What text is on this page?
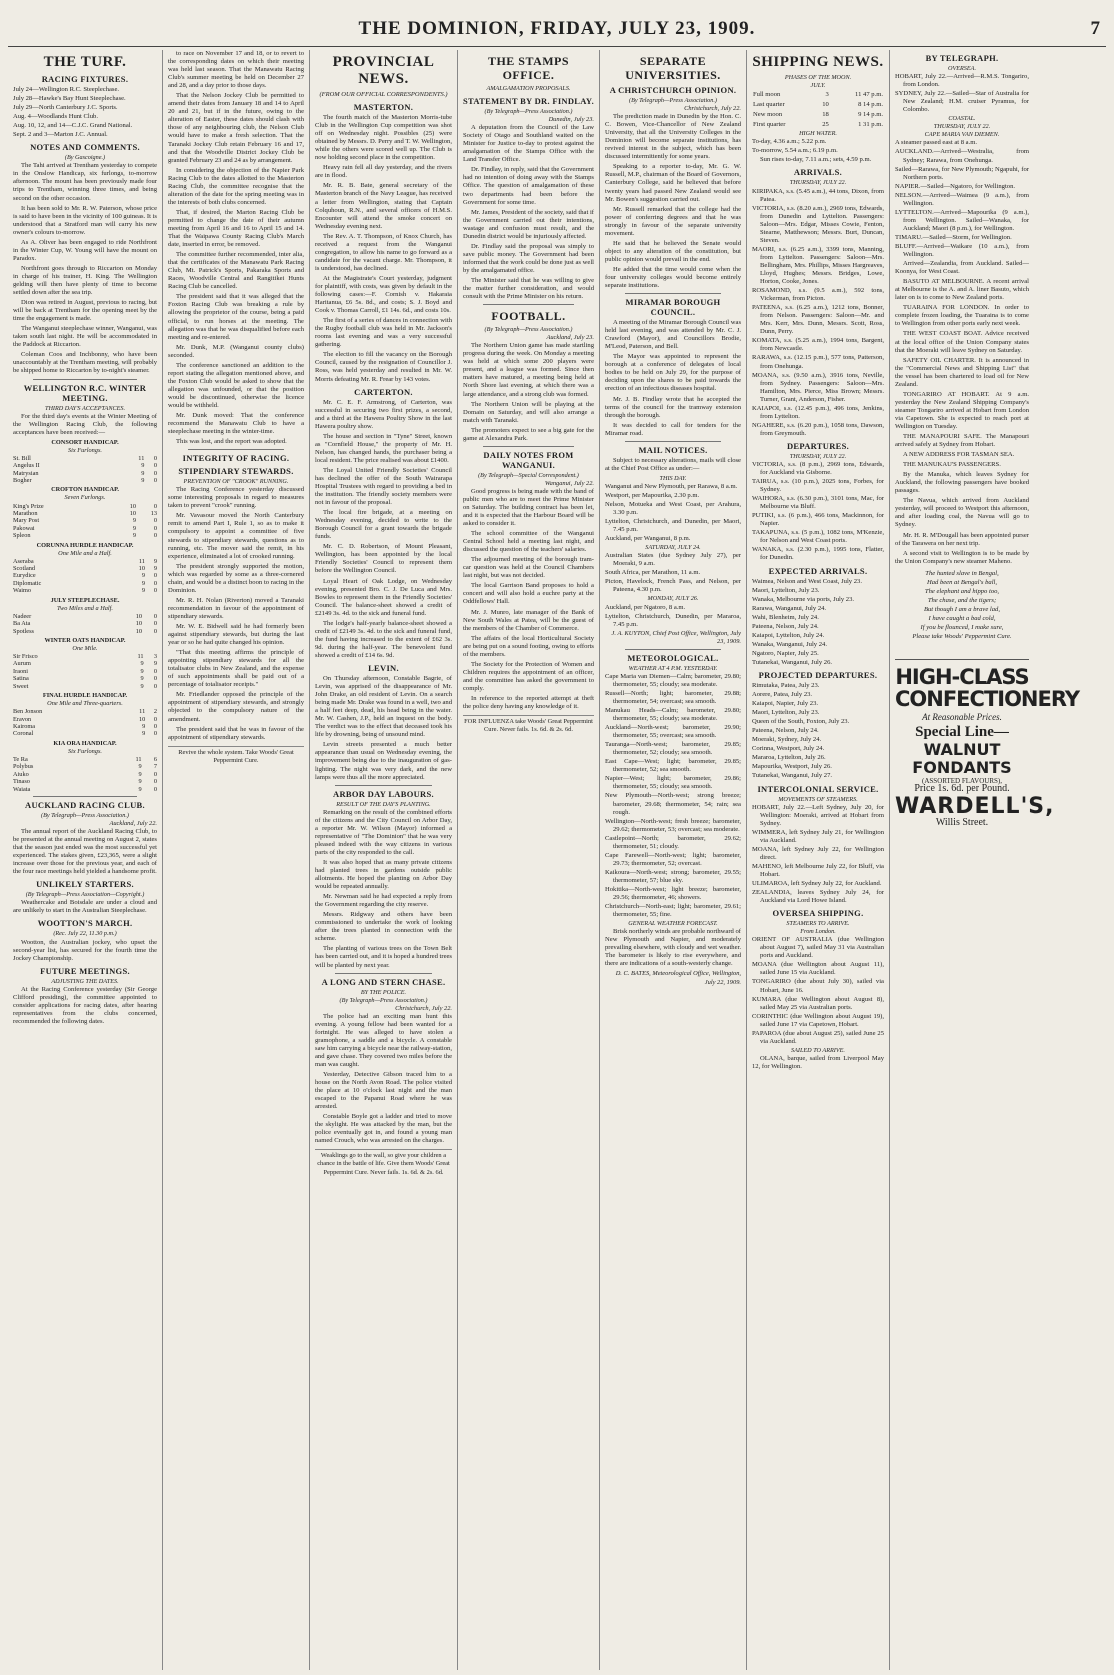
THE DOMINION, FRIDAY, JULY 23, 1909.	7
THE TURF.
RACING FIXTURES.
July 24—Wellington R.C. Steeplechase.
July 28—Hawke's Bay Hunt Steeplechase.
July 29—North Canterbury J.C. Sports.
Aug. 4—Woodlands Hunt Club.
Aug. 10, 12, and 14—C.J.C. Grand National.
Sept. 2 and 3—Marton J.C. Annual.
NOTES AND COMMENTS.
(By Gascoigne.)
The Tahi arrived at Trentham yesterday to compete in the Onslow Handicap, six furlongs, to-morrow afternoon. The mount has been previously made four trips to Trentham, winning three times, and being second on the other occasion.
It has been sold to Mr. R. W. Paterson, whose price is said to have been in the vicinity of 100 guineas. It is understood that a Stratford man will carry his new owner's colours to-morrow.
As A. Oliver has been engaged to ride Northfront in the Winter Cup, W. Young will have the mount on Paradox.
Northfront goes through to Riccarton on Monday in charge of his trainer, H. King. The Wellington gelding will then have plenty of time to become settled down after the sea trip.
Dion was retired in August, previous to racing, but will be back at Trentham for the opening meet by the time the engagement is made.
The Wanganui steeplechase winner, Wanganui, was taken south last night. He will be accommodated in the Paddock at Riccarton.
Coleman Coos and Inchbonny, who have been unaccountably at the Trentham meeting, will probably be shipped home to Riccarton by to-night's steamer.
WELLINGTON R.C. WINTER MEETING.
THIRD DAY'S ACCEPTANCES.
For the third day's events at the Winter Meeting of the Wellington Racing Club, the following acceptances have been received:—
CONSORT HANDICAP.
Six Furlongs.
St. Bill	11	0
Angelus II	9	0
Matrysian	9	0
Bogher	9	0
CROFTON HANDICAP.
Seven Furlongs.
King's Prize	10	0
Marathon	10	13
Mary Post	9	0
Pakowai	9	0
Spleon	9	0
CORUNNA HURDLE HANDICAP.
One Mile and a Half.
Aseraba	11	9
Scotland	10	9
Eurydice	9	0
Diplomatic	9	0
Waimo	9	0
JULY STEEPLECHASE.
Two Miles and a Half.
Nadeer	10	0
Ba Ata	10	0
Spotless	10	0
WINTER OATS HANDICAP.
One Mile.
Sir Frisco	11	3
Aurum	9	9
Iraoni	9	0
Satina	9	0
Sweet	9	0
FINAL HURDLE HANDICAP.
One Mile and Three-quarters.
Ben Jonson	11	2
Eravon	10	0
Kairoma	9	0
Coronal	9	0
KIA ORA HANDICAP.
Six Furlongs.
Te Ra	11	6
Polybus	9	7
Aiuko	9	0
Tinaso	9	0
Waiata	9	0
AUCKLAND RACING CLUB.
(By Telegraph—Press Association.)
Auckland, July 22.
The annual report of the Auckland Racing Club, to be presented at the annual meeting on August 2, states that the season just ended was the most successful yet experienced. The stakes given, £23,365, were a slight increase over those for the previous year, and each of the four race meetings held yielded a handsome profit.
UNLIKELY STARTERS.
(By Telegraph—Press Association—Copyright.)
Weathercake and Boisdale are under a cloud and are unlikely to start in the Australian Steeplechase.
WOOTTON'S MARCH.
(Rec. July 22, 11.30 p.m.)
Wootton, the Australian jockey, who upset the second-year list, has secured for the fourth time the Jockey Championship.
FUTURE MEETINGS.
ADJUSTING THE DATES.
At the Racing Conference yesterday (Sir George Clifford presiding), the committee appointed to consider applications for racing dates, after hearing representatives from the clubs concerned, recommended the following dates.
to race on November 17 and 18, or to revert to the corresponding dates on which their meeting was held last season. That the Manawatu Racing Club's summer meeting be held on December 27 and 28, and a day prior to those days.
That the Nelson Jockey Club be permitted to amend their dates from January 18 and 14 to April 20 and 21, but if in the future, owing to the alteration of Easter, these dates should clash with those of any neighbouring club, the Nelson Club would have to make a fresh selection. That the Taranaki Jockey Club retain February 16 and 17, and that the Woodville District Jockey Club be granted February 23 and 24 as by arrangement.
In considering the objection of the Napier Park Racing Club to the dates allotted to the Masterton Racing Club, the committee recognise that the alteration of the date for the spring meeting was in the interests of both clubs concerned.
That, if desired, the Marton Racing Club be permitted to change the date of their autumn meeting from April 16 and 16 to April 15 and 14. That the Waipawa County Racing Club's March date, inserted in error, be removed.
The committee further recommended, inter alia, that the certificates of the Manawatu Park Racing Club, Mt. Patrick's Sports, Pakaraka Sports and Races, Woodville Central and Rangitikei Hunts Racing Club be cancelled.
The president said that it was alleged that the Foxton Racing Club was breaking a rule by allowing the proprietor of the course, being a paid official, to run horses at the meeting. The allegation was that he was disqualified before each meeting and re-entered.
Mr. Dunk, M.P. (Wanganui county clubs) seconded.
The conference sanctioned an addition to the report stating the allegation mentioned above, and the Foxton Club would be asked to show that the allegation was unfounded, or that the position would be discontinued, otherwise the licence would be withheld.
Mr. Dunk moved: That the conference recommend the Manawatu Club to have a steeplechase meeting in the winter-time.
This was lost, and the report was adopted.
INTEGRITY OF RACING.
STIPENDIARY STEWARDS.
PREVENTION OF "CROOK" RUNNING.
The Racing Conference yesterday discussed some interesting proposals in regard to measures taken to prevent "crook" running.
Mr. Vavasour moved the North Canterbury remit to amend Part I, Rule 1, so as to make it compulsory to appoint a committee of five stewards to stipendiary stewards, questions as to running, etc. The mover said the remit, in his experience, eliminated a lot of crooked running.
The president strongly supported the motion, which was regarded by some as a three-cornered chain, and would be a distinct boon to racing in the Dominion.
Mr. R. H. Nolan (Riverton) moved a Taranaki recommendation in favour of the appointment of stipendiary stewards.
Mr. W. E. Bidwell said he had formerly been against stipendiary stewards, but during the last year or so he had quite changed his opinion.
"That this meeting affirms the principle of appointing stipendiary stewards for all the totalisator clubs in New Zealand, and the expense of such appointments shall be paid out of a percentage of totalisator receipts."
Mr. Friedlander opposed the principle of the appointment of stipendiary stewards, and strongly objected to the compulsory nature of the amendment.
The president said that he was in favour of the appointment of stipendiary stewards.
Revive the whole system. Take Woods' Great Peppermint Cure.
PROVINCIAL NEWS.
(FROM OUR OFFICIAL CORRESPONDENTS.)
MASTERTON.
The fourth match of the Masterton Morris-tube Club in the Wellington Cup competition was shot off on Wednesday night. Possibles (25) were obtained by Messrs. D. Perry and T. W. Wellington, while the others were scored well up. The Club is now holding second place in the competition.
Heavy rain fell all day yesterday, and the rivers are in flood.
Mr. R. B. Bate, general secretary of the Masterton branch of the Navy League, has received a letter from Wellington, stating that Captain Colquhoun, R.N., and several officers of H.M.S. Encounter will attend the smoke concert on Wednesday evening next.
The Rev. A. T. Thompson, of Knox Church, has received a request from the Wanganui congregation, to allow his name to go forward as a candidate for the vacant charge. Mr. Thompson, it is understood, has declined.
At the Magistrate's Court yesterday, judgment for plaintiff, with costs, was given by default in the following cases:—F. Cornish v. Hakaraia Haritanua, £6 5s. 8d., and costs; S. J. Boyd and Cook v. Thomas Carroll, £1 14s. 6d., and costs 10s.
The first of a series of dances in connection with the Rugby football club was held in Mr. Jackson's rooms last evening and was a very successful gathering.
The election to fill the vacancy on the Borough Council, caused by the resignation of Councillor J. Ross, was held yesterday and resulted in Mr. W. Morris defeating Mr. R. Frear by 143 votes.
CARTERTON.
Mr. C. E. F. Armstrong, of Carterton, was successful in securing two first prizes, a second, and a third at the Hawera Poultry Show in the last Hawera poultry show.
The house and section in "Tyne" Street, known as "Cornfield House," the property of Mr. H. Nelson, has changed hands, the purchaser being a local resident. The price realised was about £1400.
The Loyal United Friendly Societies' Council has declined the offer of the South Wairarapa Hospital Trustees with regard to providing a bed in the institution. The friendly society members were not in favour of the proposal.
The local fire brigade, at a meeting on Wednesday evening, decided to write to the Borough Council for a grant towards the brigade funds.
Mr. C. D. Robertson, of Mount Pleasant, Wellington, has been appointed by the local Friendly Societies' Council to represent them before the Wellington Council.
Loyal Heart of Oak Lodge, on Wednesday evening, presented Bro. C. J. De Luca and Mrs. Bowles to represent them in the Friendly Societies' Council. The balance-sheet showed a credit of £2149 3s. 4d. to the sick and funeral fund.
The lodge's half-yearly balance-sheet showed a credit of £2149 3s. 4d. to the sick and funeral fund, the fund having increased to the extent of £62 3s. 9d. during the half-year. The benevolent fund showed a credit of £14 6s. 9d.
LEVIN.
On Thursday afternoon, Constable Bagrie, of Levin, was apprised of the disappearance of Mr. John Drake, an old resident of Levin. On a search being made Mr. Drake was found in a well, two and a half feet deep, dead, his head being in the water. Mr. W. Cashen, J.P., held an inquest on the body. The verdict was to the effect that deceased took his life by drowning, being of unsound mind.
Levin streets presented a much better appearance than usual on Wednesday evening, the improvement being due to the inauguration of gas-lighting. The night was very dark, and the new lamps were thus all the more appreciated.
ARBOR DAY LABOURS.
RESULT OF THE DAY'S PLANTING.
Remarking on the result of the combined efforts of the citizens and the City Council on Arbor Day, a reporter Mr. W. Wilson (Mayor) informed a representative of "The Dominion" that he was very pleased indeed with the way citizens in various parts of the city responded to the call.
It was also hoped that as many private citizens had planted trees in gardens outside public allotments. He hoped the planting on Arbor Day would be repeated annually.
Mr. Newman said he had expected a reply from the Government regarding the city reserve.
Messrs. Ridgway and others have been commissioned to undertake the work of looking after the trees planted in connection with the scheme.
The planting of various trees on the Town Belt has been carried out, and it is hoped a hundred trees will be planted by next year.
A LONG AND STERN CHASE.
BY THE POLICE.
(By Telegraph—Press Association.)
Christchurch, July 22.
The police had an exciting man hunt this evening. A young fellow had been wanted for a fortnight. He was alleged to have stolen a gramophone, a saddle and a bicycle. A constable saw him carrying a bicycle near the railway-station, and gave chase. They covered two miles before the man was caught.
Yesterday, Detective Gibson traced him to a house on the North Avon Road. The police visited the place at 10 o'clock last night and the man escaped to the Papanui Road where he was arrested.
Constable Boyle got a ladder and tried to move the skylight. He was attacked by the man, but the police eventually got in, and found a young man named Crouch, who was arrested on the charges.
Weaklings go to the wall, so give your children a chance in the battle of life. Give them Woods' Great Peppermint Cure. Never fails. 1s. 6d. & 2s. 6d.
THE STAMPS OFFICE.
AMALGAMATION PROPOSALS.
STATEMENT BY DR. FINDLAY.
(By Telegraph—Press Association.)
Dunedin, July 23.
A deputation from the Council of the Law Society of Otago and Southland waited on the Minister for Justice to-day to protest against the amalgamation of the Stamps Office with the Land Transfer Office.
Dr. Findlay, in reply, said that the Government had no intention of doing away with the Stamps Office. The question of amalgamation of these two departments had been before the Government for some time.
Mr. James, President of the society, said that if the Government carried out their intentions, wastage and confusion must result, and the Dunedin district would be injuriously affected.
Dr. Findlay said the proposal was simply to save public money. The Government had been informed that the work could be done just as well by the amalgamated office.
The Minister said that he was willing to give the matter further consideration, and would consult with the Prime Minister on his return.
FOOTBALL.
(By Telegraph—Press Association.)
Auckland, July 23.
The Northern Union game has made startling progress during the week. On Monday a meeting was held at which some 200 players were present, and a league was formed. Since then matters have matured, a meeting being held at North Shore last evening, at which there was a large attendance, and a strong club was formed.
The Northern Union will be playing at the Domain on Saturday, and will also arrange a match with Taranaki.
The promoters expect to see a big gate for the game at Alexandra Park.
DAILY NOTES FROM WANGANUI.
(By Telegraph—Special Correspondent.)
Wanganui, July 22.
Good progress is being made with the band of public men who are to meet the Prime Minister on Saturday. The building contract has been let, and it is expected that the Harbour Board will be asked to consider it.
The school committee of the Wanganui Central School held a meeting last night, and discussed the question of the teachers' salaries.
The adjourned meeting of the borough tram-car question was held at the Council Chambers last night, but was not decided.
The local Garrison Band proposes to hold a concert and will also hold a euchre party at the Oddfellows' Hall.
Mr. J. Munro, late manager of the Bank of New South Wales at Patea, will be the guest of the members of the Chamber of Commerce.
The affairs of the local Horticultural Society are being put on a sound footing, owing to efforts of the members.
The Society for the Protection of Women and Children requires the appointment of an officer, and the committee has asked the government to comply.
In reference to the reported attempt at theft the police deny having any knowledge of it.
FOR INFLUENZA take Woods' Great Peppermint Cure. Never fails. 1s. 6d. & 2s. 6d.
SEPARATE UNIVERSITIES.
A CHRISTCHURCH OPINION.
(By Telegraph—Press Association.)
Christchurch, July 22.
The prediction made in Dunedin by the Hon. C. C. Bowen, Vice-Chancellor of New Zealand University, that all the University Colleges in the Dominion will become separate institutions, has revived interest in the subject, which has been discussed intermittently for some years.
Speaking to a reporter to-day, Mr. G. W. Russell, M.P., chairman of the Board of Governors, Canterbury College, said he believed that before twenty years had passed New Zealand would see Mr. Bowen's suggestion carried out.
Mr. Russell remarked that the college had the power of conferring degrees and that he was strongly in favour of the separate university movement.
He said that he believed the Senate would object to any alteration of the constitution, but public opinion would prevail in the end.
He added that the time would come when the four university colleges would become entirely separate institutions.
MIRAMAR BOROUGH COUNCIL.
A meeting of the Miramar Borough Council was held last evening, and was attended by Mr. C. J. Crawford (Mayor), and Councillors Brodie, M'Leod, Paterson, and Bell.
The Mayor was appointed to represent the borough at a conference of delegates of local bodies to be held on July 29, for the purpose of deciding upon the shares to be paid towards the erection of an infectious diseases hospital.
Mr. J. B. Findlay wrote that he accepted the terms of the council for the tramway extension through the borough.
It was decided to call for tenders for the Miramar road.
MAIL NOTICES.
Subject to necessary alterations, mails will close at the Chief Post Office as under:—
THIS DAY.
Wanganui and New Plymouth, per Rarawa, 8 a.m.
Westport, per Mapourika, 2.30 p.m.
Nelson, Motueka and West Coast, per Arahura, 3.30 p.m.
Lyttelton, Christchurch, and Dunedin, per Maori, 7.45 p.m.
Auckland, per Wanganui, 8 p.m.
SATURDAY, JULY 24.
Australian States (due Sydney July 27), per Moeraki, 9 a.m.
South Africa, per Marathon, 11 a.m.
Picton, Havelock, French Pass, and Nelson, per Pateena, 4.30 p.m.
MONDAY, JULY 26.
Auckland, per Ngatoro, 8 a.m.
Lyttelton, Christchurch, Dunedin, per Mararoa, 7.45 p.m.
J. A. KUYTON, Chief Post Office, Wellington, July 23, 1909.
METEOROLOGICAL.
WEATHER AT 4 P.M. YESTERDAY.
Cape Maria van Diemen—Calm; barometer, 29.80; thermometer, 55; cloudy; sea moderate.
Russell—North; light; barometer, 29.88; thermometer, 54; overcast; sea smooth.
Manukau Heads—Calm; barometer, 29.80; thermometer, 55; cloudy; sea moderate.
Auckland—North-west; barometer, 29.90; thermometer, 55; overcast; sea smooth.
Tauranga—North-west; barometer, 29.85; thermometer, 52; cloudy; sea smooth.
East Cape—West; light; barometer, 29.85; thermometer, 52; sea smooth.
Napier—West; light; barometer, 29.86; thermometer, 55; cloudy; sea smooth.
New Plymouth—North-west; strong breeze; barometer, 29.68; thermometer, 54; rain; sea rough.
Wellington—North-west; fresh breeze; barometer, 29.62; thermometer, 53; overcast; sea moderate.
Castlepoint—North; barometer, 29.62; thermometer, 51; cloudy.
Cape Farewell—North-west; light; barometer, 29.73; thermometer, 52; overcast.
Kaikoura—North-west; strong; barometer, 29.55; thermometer, 57; blue sky.
Hokitika—North-west; light breeze; barometer, 29.56; thermometer, 46; showers.
Christchurch—North-east; light; barometer, 29.61; thermometer, 55; fine.
GENERAL WEATHER FORECAST.
Brisk northerly winds are probable northward of New Plymouth and Napier, and moderately prevailing elsewhere, with cloudy and wet weather. The barometer is likely to rise everywhere, and there are indications of a south-westerly change.
D. C. BATES, Meteorological Office, Wellington, July 22, 1909.
SHIPPING NEWS.
PHASES OF THE MOON.
JULY.
Full moon	3	11 47 p.m.
Last quarter	10	8 14 p.m.
New moon	18	9 14 p.m.
First quarter	25	1 31 p.m.
HIGH WATER.
To-day, 4.36 a.m.; 5.22 p.m.
To-morrow, 5.54 a.m.; 6.19 p.m.
Sun rises to-day, 7.11 a.m.; sets, 4.59 p.m.
ARRIVALS.
THURSDAY, JULY 22.
KIRIPAKA, s.s. (5.45 a.m.), 44 tons, Dixon, from Patea.
VICTORIA, s.s. (8.20 a.m.), 2969 tons, Edwards, from Dunedin and Lyttelton. Passengers: Saloon—Mrs. Edgar, Misses Cowie, Fenton, Stearne, Matthewson; Messrs. Burt, Duncan, Steven.
MAORI, s.s. (6.25 a.m.), 3399 tons, Manning, from Lyttelton. Passengers: Saloon—Mrs. Bellingham, Mrs. Phillips, Misses Hargreaves, Lloyd, Hughes; Messrs. Bridges, Lowe, Horton, Cooke, Jones.
ROSAMOND, s.s. (9.5 a.m.), 592 tons, Vickerman, from Picton.
PATEENA, s.s. (6.25 a.m.), 1212 tons, Bonner, from Nelson. Passengers: Saloon—Mr. and Mrs. Kerr, Mrs. Dunn, Messrs. Scott, Ross, Dunn, Perry.
KOMATA, s.s. (5.25 a.m.), 1994 tons, Bargent, from Newcastle.
RARAWA, s.s. (12.15 p.m.), 577 tons, Patterson, from Onehunga.
MOANA, s.s. (9.50 a.m.), 3916 tons, Neville, from Sydney. Passengers: Saloon—Mrs. Hamilton, Mrs. Pierce, Miss Brown; Messrs. Turner, Grant, Anderson, Fisher.
KAIAPOI, s.s. (12.45 p.m.), 496 tons, Jenkins, from Lyttelton.
NGAHERE, s.s. (6.20 p.m.), 1058 tons, Dawson, from Greymouth.
DEPARTURES.
THURSDAY, JULY 22.
VICTORIA, s.s. (8 p.m.), 2969 tons, Edwards, for Auckland via Gisborne.
TAIRUA, s.s. (10 p.m.), 2025 tons, Forbes, for Sydney.
WAIHORA, s.s. (6.30 p.m.), 3101 tons, Mac, for Melbourne via Bluff.
PUTIKI, s.s. (6 p.m.), 466 tons, Mackinnon, for Napier.
TAKAPUNA, s.s. (5 p.m.), 1082 tons, M'Kenzie, for Nelson and West Coast ports.
WANAKA, s.s. (2.30 p.m.), 1995 tons, Flatter, for Dunedin.
EXPECTED ARRIVALS.
Waimea, Nelson and West Coast, July 23.
Maori, Lyttelton, July 23.
Wanaka, Melbourne via ports, July 23.
Rarawa, Wanganui, July 24.
Wahi, Blenheim, July 24.
Pateena, Nelson, July 24.
Kaiapoi, Lyttelton, July 24.
Wanaka, Wanganui, July 24.
Ngatoro, Napier, July 25.
Tutanekai, Wanganui, July 26.
PROJECTED DEPARTURES.
Rimutaka, Patea, July 23.
Aorere, Patea, July 23.
Kaiapoi, Napier, July 23.
Maori, Lyttelton, July 23.
Queen of the South, Foxton, July 23.
Pateena, Nelson, July 24.
Moeraki, Sydney, July 24.
Corinna, Westport, July 24.
Mararoa, Lyttelton, July 26.
Mapourika, Westport, July 26.
Tutanekai, Wanganui, July 27.
INTERCOLONIAL SERVICE.
MOVEMENTS OF STEAMERS.
HOBART, July 22.—Left Sydney, July 20, for Wellington: Moeraki, arrived at Hobart from Sydney.
WIMMERA, left Sydney July 21, for Wellington via Auckland.
MOANA, left Sydney July 22, for Wellington direct.
MAHENO, left Melbourne July 22, for Bluff, via Hobart.
ULIMAROA, left Sydney July 22, for Auckland.
ZEALANDIA, leaves Sydney July 24, for Auckland via Lord Howe Island.
OVERSEA SHIPPING.
STEAMERS TO ARRIVE.
From London.
ORIENT OF AUSTRALIA (due Wellington about August 7), sailed May 31 via Australian ports and Auckland.
MOANA (due Wellington about August 11), sailed June 15 via Auckland.
TONGARIRO (due about July 30), sailed via Hobart, June 16.
KUMARA (due Wellington about August 8), sailed May 25 via Australian ports.
CORINTHIC (due Wellington about August 19), sailed June 17 via Capetown, Hobart.
PAPAROA (due about August 25), sailed June 25 via Auckland.
SAILED TO ARRIVE.
OLANA, barque, sailed from Liverpool May 12, for Wellington.
BY TELEGRAPH.
OVERSEA.
HOBART, July 22.—Arrived—R.M.S. Tongariro, from London.
SYDNEY, July 22.—Sailed—Star of Australia for New Zealand; H.M. cruiser Pyramus, for Colombo.
COASTAL.
THURSDAY, JULY 22.
CAPE MARIA VAN DIEMEN.
A steamer passed east at 8 a.m.
AUCKLAND.—Arrived—Westralia, from Sydney; Rarawa, from Onehunga.
Sailed—Rarawa, for New Plymouth; Ngapuhi, for Northern ports.
NAPIER.—Sailed—Ngatoro, for Wellington.
NELSON.—Arrived—Waimea (9 a.m.), from Wellington.
LYTTELTON.—Arrived—Mapourika (9 a.m.), from Wellington. Sailed—Wanaka, for Auckland; Maori (8 p.m.), for Wellington.
TIMARU.—Sailed—Storm, for Wellington.
BLUFF.—Arrived—Waikare (10 a.m.), from Wellington.
Arrived—Zealandia, from Auckland. Sailed—Koonya, for West Coast.
BASUTO AT MELBOURNE. A recent arrival at Melbourne is the A. and A. liner Basuto, which later on is to come to New Zealand ports.
TUARAINA FOR LONDON. In order to complete frozen loading, the Tuaraina is to come to Wellington from other ports early next week.
THE WEST COAST BOAT. Advice received at the local office of the Union Company states that the Moeraki will leave Sydney on Saturday.
SAFETY OIL CHARTER. It is announced in the "Commercial News and Shipping List" that the vessel has been chartered to load oil for New Zealand.
TONGARIRO AT HOBART. At 9 a.m. yesterday the New Zealand Shipping Company's steamer Tongariro arrived at Hobart from London via Capetown. She is expected to reach port at Wellington on Tuesday.
THE MANAPOURI SAFE. The Manapouri arrived safely at Sydney from Hobart.
A NEW ADDRESS FOR TASMAN SEA.
THE MANUKAU'S PASSENGERS.
By the Manuka, which leaves Sydney for Auckland, the following passengers have booked passages.
The Navua, which arrived from Auckland yesterday, will proceed to Westport this afternoon, and after loading coal, the Navua will go to Sydney.
Mr. H. R. M'Dougall has been appointed purser of the Tarawera on her next trip.
A second visit to Wellington is to be made by the Union Company's new steamer Maheno.
The hunted slave in Bengal,
Had been at Bengal's ball,
The elephant and hippo too,
The chase, and the tigers;
But though I am a brave lad,
I have caught a bad cold,
If you be flounced, I make sure,
Please take Woods' Peppermint Cure.
HIGH-CLASS
CONFECTIONERY
At Reasonable Prices.
Special Line—
WALNUT FONDANTS
(ASSORTED FLAVOURS),
Price 1s. 6d. per Pound.
WARDELL'S,
Willis Street.
